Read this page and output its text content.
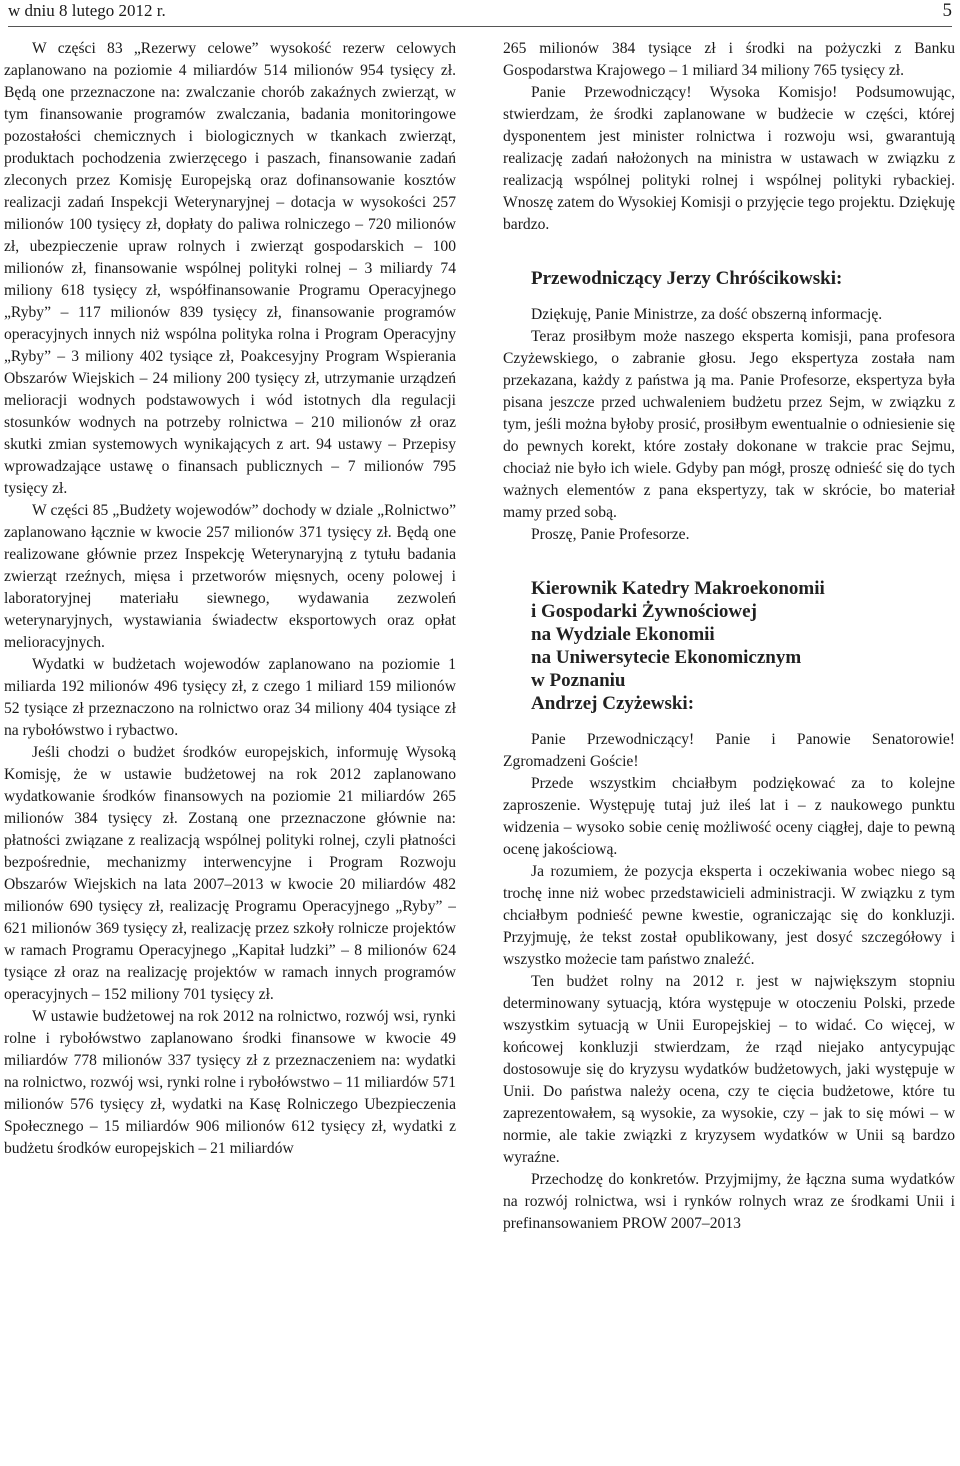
w dniu 8 lutego 2012 r.	5

W części 83 „Rezerwy celowe” wysokość rezerw celowych zaplanowano na poziomie 4 miliardów 514 milionów 954 tysięcy zł. Będą one przeznaczone na: zwalczanie chorób zakaźnych zwierząt, w tym finansowanie programów zwalczania, badania monitoringowe pozostałości chemicznych i biologicznych w tkankach zwierząt, produktach pochodzenia zwierzęcego i paszach, finansowanie zadań zleconych przez Komisję Europejską oraz dofinansowanie kosztów realizacji zadań Inspekcji Weterynaryjnej – dotacja w wysokości 257 milionów 100 tysięcy zł, dopłaty do paliwa rolniczego – 720 milionów zł, ubezpieczenie upraw rolnych i zwierząt gospodarskich – 100 milionów zł, finansowanie wspólnej polityki rolnej – 3 miliardy 74 miliony 618 tysięcy zł, współfinansowanie Programu Operacyjnego „Ryby” – 117 milionów 839 tysięcy zł, finansowanie programów operacyjnych innych niż wspólna polityka rolna i Program Operacyjny „Ryby” – 3 miliony 402 tysiące zł, Poakcesyjny Program Wspierania Obszarów Wiejskich – 24 miliony 200 tysięcy zł, utrzymanie urządzeń melioracji wodnych podstawowych i wód istotnych dla regulacji stosunków wodnych na potrzeby rolnictwa – 210 milionów zł oraz skutki zmian systemowych wynikających z art. 94 ustawy – Przepisy wprowadzające ustawę o finansach publicznych – 7 milionów 795 tysięcy zł.

W części 85 „Budżety wojewodów” dochody w dziale „Rolnictwo” zaplanowano łącznie w kwocie 257 milionów 371 tysięcy zł. Będą one realizowane głównie przez Inspekcję Weterynaryjną z tytułu badania zwierząt rzeźnych, mięsa i przetworów mięsnych, oceny polowej i laboratoryjnej materiału siewnego, wydawania zezwoleń weterynaryjnych, wystawiania świadectw eksportowych oraz opłat melioracyjnych.

Wydatki w budżetach wojewodów zaplanowano na poziomie 1 miliarda 192 milionów 496 tysięcy zł, z czego 1 miliard 159 milionów 52 tysiące zł przeznaczono na rolnictwo oraz 34 miliony 404 tysiące zł na rybołówstwo i rybactwo.

Jeśli chodzi o budżet środków europejskich, informuję Wysoką Komisję, że w ustawie budżetowej na rok 2012 zaplanowano wydatkowanie środków finansowych na poziomie 21 miliardów 265 milionów 384 tysięcy zł. Zostaną one przeznaczone głównie na: płatności związane z realizacją wspólnej polityki rolnej, czyli płatności bezpośrednie, mechanizmy interwencyjne i Program Rozwoju Obszarów Wiejskich na lata 2007–2013 w kwocie 20 miliardów 482 milionów 690 tysięcy zł, realizację Programu Operacyjnego „Ryby” – 621 milionów 369 tysięcy zł, realizację przez szkoły rolnicze projektów w ramach Programu Operacyjnego „Kapitał ludzki” – 8 milionów 624 tysiące zł oraz na realizację projektów w ramach innych programów operacyjnych – 152 miliony 701 tysięcy zł.

W ustawie budżetowej na rok 2012 na rolnictwo, rozwój wsi, rynki rolne i rybołówstwo zaplanowano środki finansowe w kwocie 49 miliardów 778 milionów 337 tysięcy zł z przeznaczeniem na: wydatki na rolnictwo, rozwój wsi, rynki rolne i rybołówstwo – 11 miliardów 571 milionów 576 tysięcy zł, wydatki na Kasę Rolniczego Ubezpieczenia Społecznego – 15 miliardów 906 milionów 612 tysięcy zł, wydatki z budżetu środków europejskich – 21 miliardów

265 milionów 384 tysiące zł i środki na pożyczki z Banku Gospodarstwa Krajowego – 1 miliard 34 miliony 765 tysięcy zł.

Panie Przewodniczący! Wysoka Komisjo! Podsumowując, stwierdzam, że środki zaplanowane w budżecie w części, której dysponentem jest minister rolnictwa i rozwoju wsi, gwarantują realizację zadań nałożonych na ministra w ustawach w związku z realizacją wspólnej polityki rolnej i wspólnej polityki rybackiej. Wnoszę zatem do Wysokiej Komisji o przyjęcie tego projektu. Dziękuję bardzo.

Przewodniczący Jerzy Chróścikowski:

Dziękuję, Panie Ministrze, za dość obszerną informację.

Teraz prosiłbym może naszego eksperta komisji, pana profesora Czyżewskiego, o zabranie głosu. Jego ekspertyza została nam przekazana, każdy z państwa ją ma. Panie Profesorze, ekspertyza była pisana jeszcze przed uchwaleniem budżetu przez Sejm, w związku z tym, jeśli można byłoby prosić, prosiłbym ewentualnie o odniesienie się do pewnych korekt, które zostały dokonane w trakcie prac Sejmu, chociaż nie było ich wiele. Gdyby pan mógł, proszę odnieść się do tych ważnych elementów z pana ekspertyzy, tak w skrócie, bo materiał mamy przed sobą.

Proszę, Panie Profesorze.

Kierownik Katedry Makroekonomii
i Gospodarki Żywnościowej
na Wydziale Ekonomii
na Uniwersytecie Ekonomicznym
w Poznaniu
Andrzej Czyżewski:

Panie Przewodniczący! Panie i Panowie Senatorowie! Zgromadzeni Goście!

Przede wszystkim chciałbym podziękować za to kolejne zaproszenie. Występuję tutaj już ileś lat i – z naukowego punktu widzenia – wysoko sobie cenię możliwość oceny ciągłej, daje to pewną ocenę jakościową.

Ja rozumiem, że pozycja eksperta i oczekiwania wobec niego są trochę inne niż wobec przedstawicieli administracji. W związku z tym chciałbym podnieść pewne kwestie, ograniczając się do konkluzji. Przyjmuję, że tekst został opublikowany, jest dosyć szczegółowy i wszystko możecie tam państwo znaleźć.

Ten budżet rolny na 2012 r. jest w największym stopniu determinowany sytuacją, która występuje w otoczeniu Polski, przede wszystkim sytuacją w Unii Europejskiej – to widać. Co więcej, w końcowej konkluzji stwierdzam, że rząd niejako antycypując dostosowuje się do kryzysu wydatków budżetowych, jaki występuje w Unii. Do państwa należy ocena, czy te cięcia budżetowe, które tu zaprezentowałem, są wysokie, za wysokie, czy – jak to się mówi – w normie, ale takie związki z kryzysem wydatków w Unii są bardzo wyraźne.

Przechodzę do konkretów. Przyjmijmy, że łączna suma wydatków na rozwój rolnictwa, wsi i rynków rolnych wraz ze środkami Unii i prefinansowaniem PROW 2007–2013
